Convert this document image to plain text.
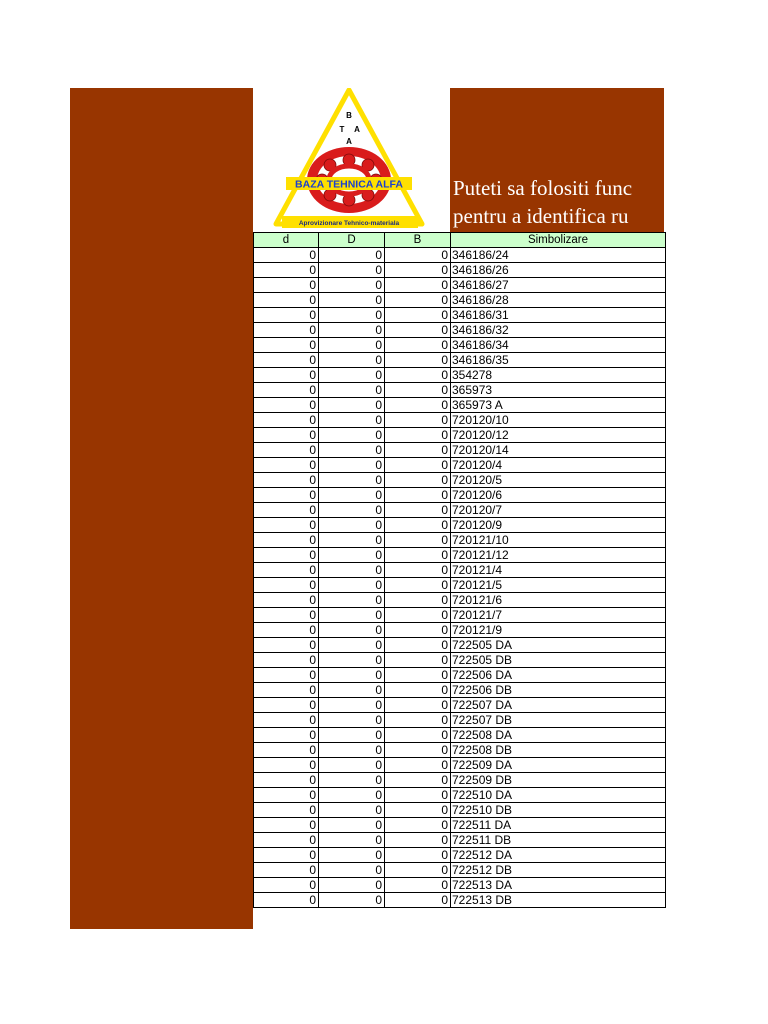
B
T A
A
BAZA TEHNICA ALFA
Aprovizionare Tehnico-materiala
Puteti sa folositi func
pentru a identifica ru
d	D	B	Simbolizare
0	0	0	346186/24
0	0	0	346186/26
0	0	0	346186/27
0	0	0	346186/28
0	0	0	346186/31
0	0	0	346186/32
0	0	0	346186/34
0	0	0	346186/35
0	0	0	354278
0	0	0	365973
0	0	0	365973 A
0	0	0	720120/10
0	0	0	720120/12
0	0	0	720120/14
0	0	0	720120/4
0	0	0	720120/5
0	0	0	720120/6
0	0	0	720120/7
0	0	0	720120/9
0	0	0	720121/10
0	0	0	720121/12
0	0	0	720121/4
0	0	0	720121/5
0	0	0	720121/6
0	0	0	720121/7
0	0	0	720121/9
0	0	0	722505 DA
0	0	0	722505 DB
0	0	0	722506 DA
0	0	0	722506 DB
0	0	0	722507 DA
0	0	0	722507 DB
0	0	0	722508 DA
0	0	0	722508 DB
0	0	0	722509 DA
0	0	0	722509 DB
0	0	0	722510 DA
0	0	0	722510 DB
0	0	0	722511 DA
0	0	0	722511 DB
0	0	0	722512 DA
0	0	0	722512 DB
0	0	0	722513 DA
0	0	0	722513 DB
